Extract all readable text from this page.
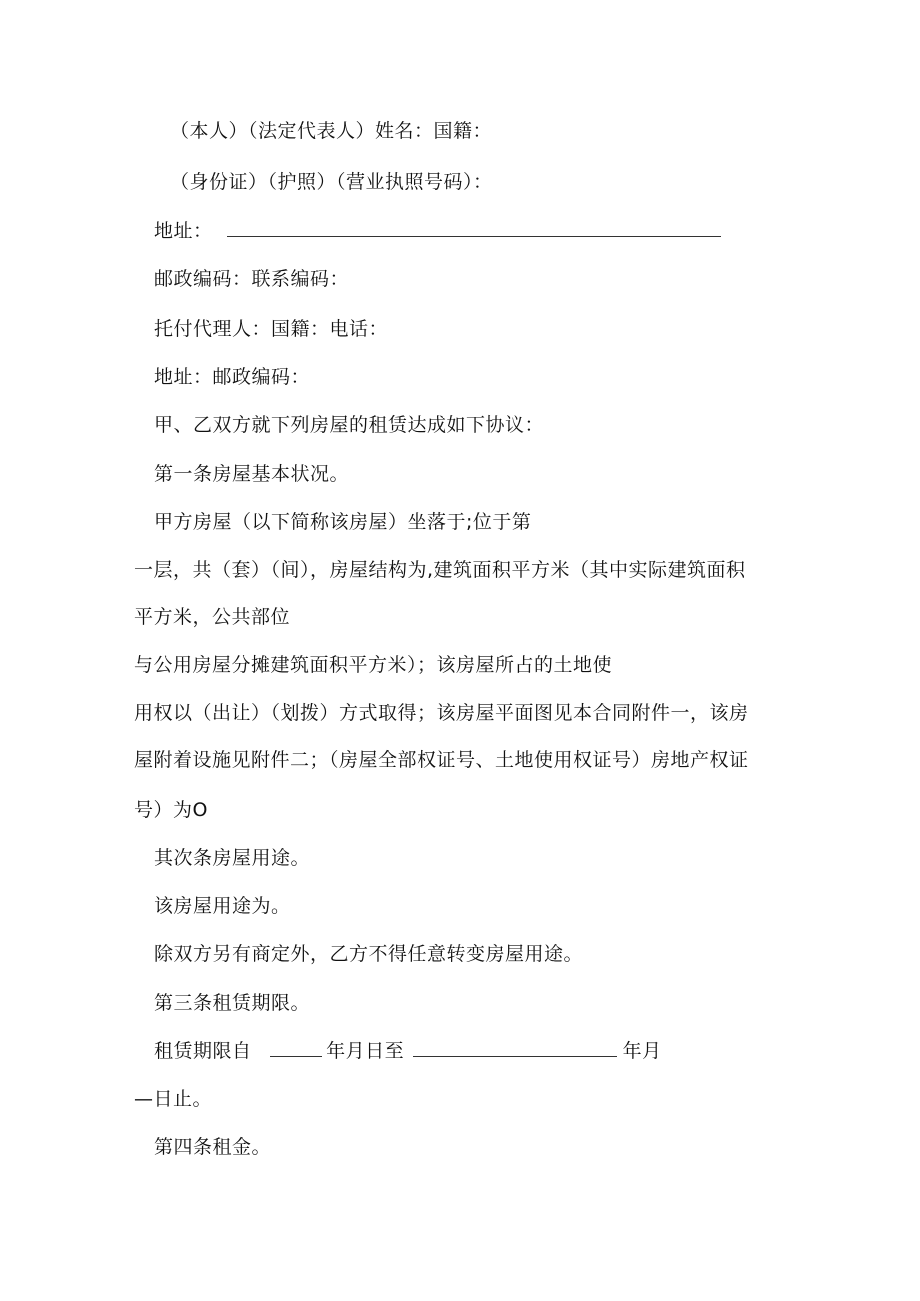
（本人）（法定代表人）姓名：国籍：
（身份证）（护照）（营业执照号码）：
地址：
邮政编码：联系编码：
托付代理人：国籍：电话：
地址：邮政编码：
甲、乙双方就下列房屋的租赁达成如下协议：
第一条房屋基本状况。
甲方房屋（以下简称该房屋）坐落于;位于第
一层，共（套）（间），房屋结构为,建筑面积平方米（其中实际建筑面积
平方米，公共部位
与公用房屋分摊建筑面积平方米）；该房屋所占的土地使
用权以（出让）（划拨）方式取得；该房屋平面图见本合同附件一，该房
屋附着设施见附件二；（房屋全部权证号、土地使用权证号）房地产权证
号）为O
其次条房屋用途。
该房屋用途为。
除双方另有商定外，乙方不得任意转变房屋用途。
第三条租赁期限。
租赁期限自	年月日至	年月
—日止。
第四条租金。
